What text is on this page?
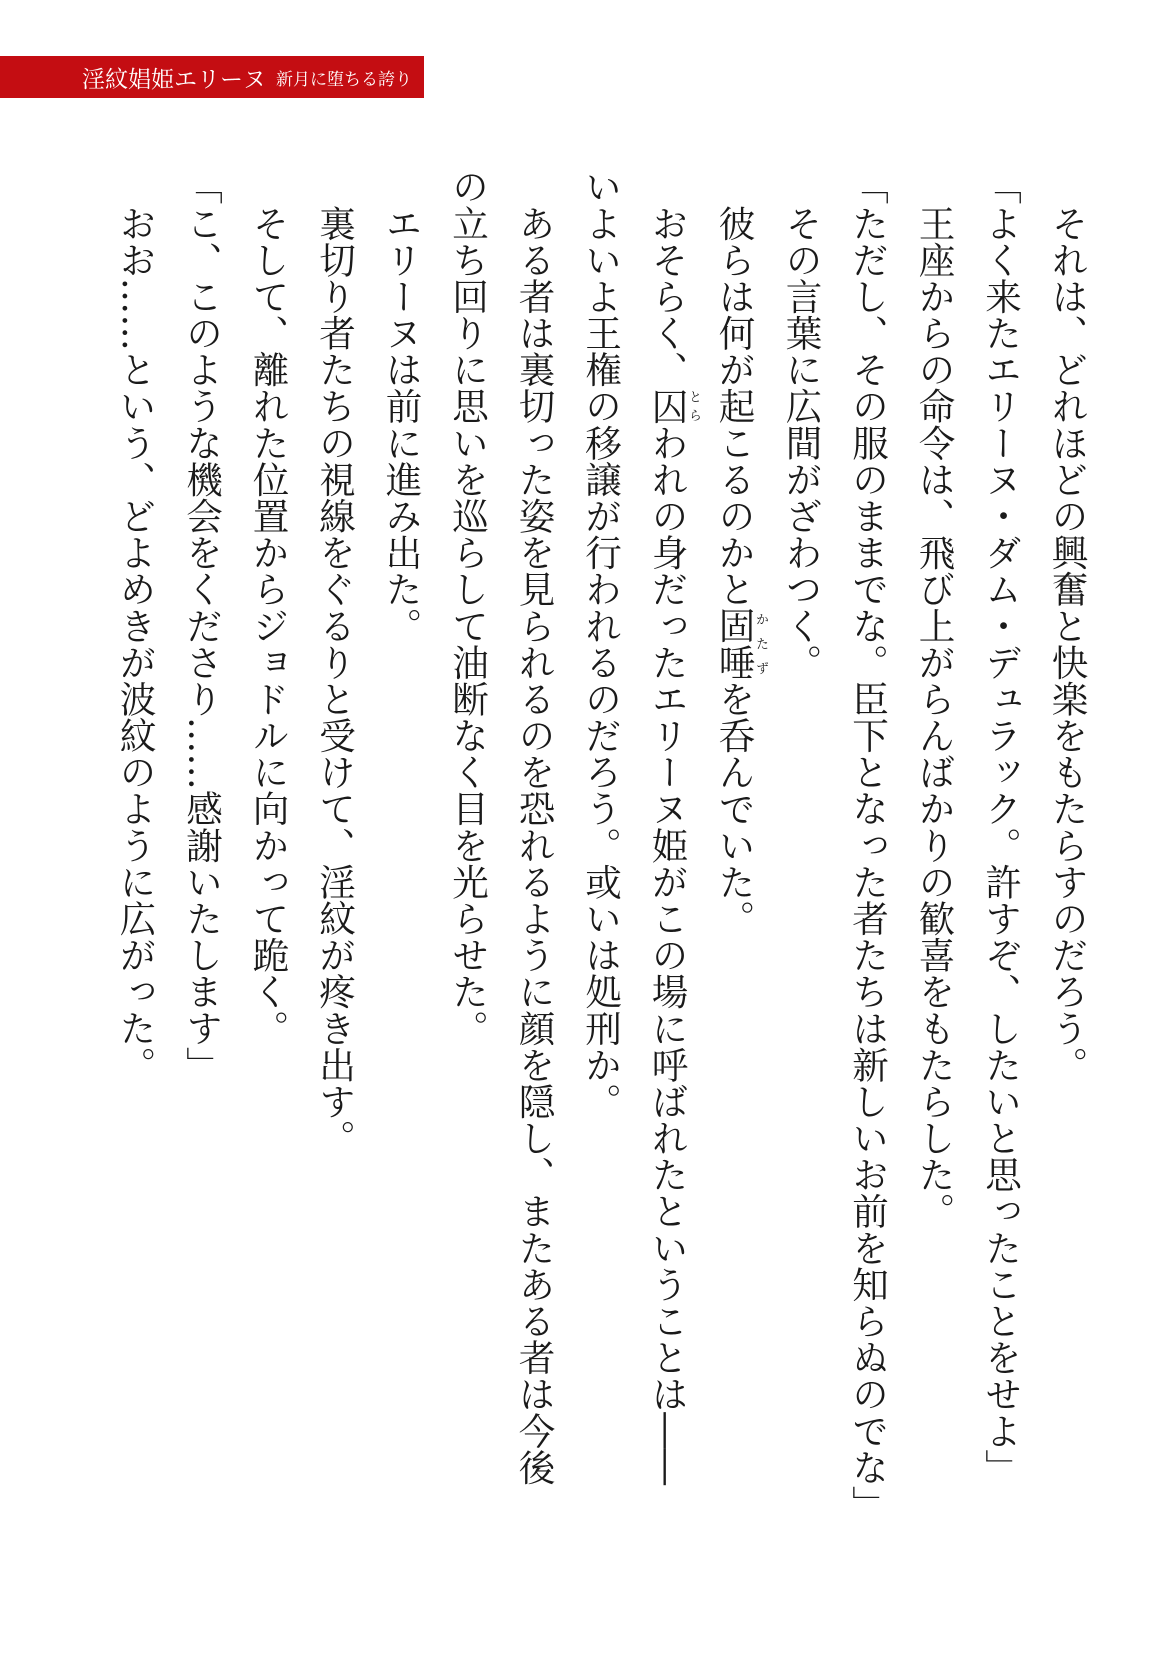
淫紋娼姫エリーヌ 新月に堕ちる誇り
　それは、どれほどの興奮と快楽をもたらすのだろう。
「よく来たエリーヌ・ダム・デュラック。許すぞ、したいと思ったことをせよ」
　王座からの命令は、飛び上がらんばかりの歓喜をもたらした。
「ただし、その服のままでな。臣下となった者たちは新しいお前を知らぬのでな」
　その言葉に広間がざわつく。
　彼らは何が起こるのかと固唾かたずを呑んでいた。
　おそらく、囚とらわれの身だったエリーヌ姫がこの場に呼ばれたということは――
いよいよ王権の移譲が行われるのだろう。或いは処刑か。
　ある者は裏切った姿を見られるのを恐れるように顔を隠し、またある者は今後
の立ち回りに思いを巡らして油断なく目を光らせた。
　エリーヌは前に進み出た。
　裏切り者たちの視線をぐるりと受けて、淫紋が疼き出す。
　そして、離れた位置からジョドルに向かって跪く。
「こ、このような機会をくださり……感謝いたします」
　おお……という、どよめきが波紋のように広がった。
